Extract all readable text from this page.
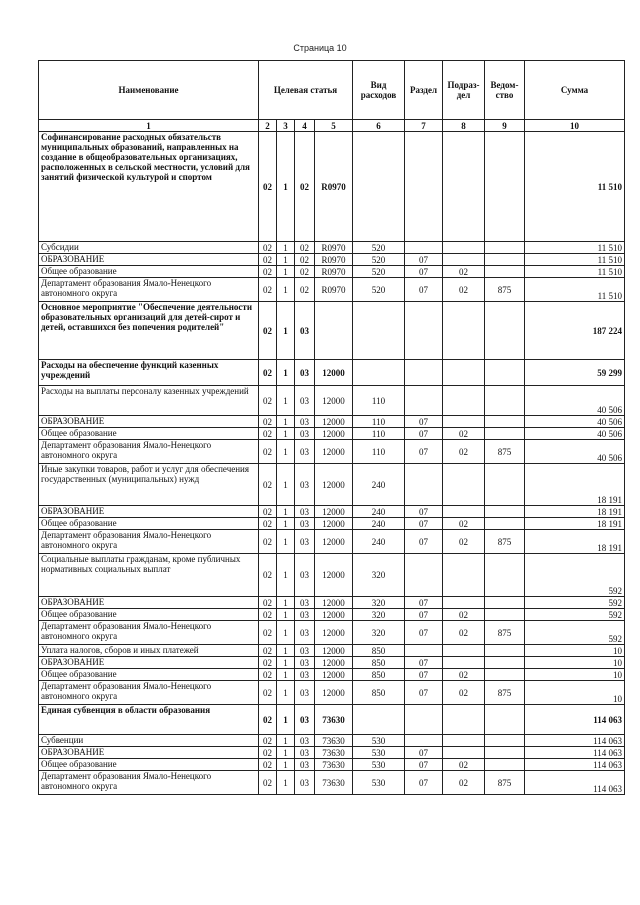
Страница 10
Наименование	Целевая статья				Вид расходов	Раздел	Подраз-дел	Ведом-ство	Сумма
1	2	3	4	5	6	7	8	9	10
Софинансирование расходных обязательств муниципальных образований, направленных на создание в общеобразовательных организациях, расположенных в сельской местности, условий для занятий физической культурой и спортом	02	1	02	R0970					11 510
Субсидии	02	1	02	R0970	520				11 510
ОБРАЗОВАНИЕ	02	1	02	R0970	520	07			11 510
Общее образование	02	1	02	R0970	520	07	02		11 510
Департамент образования Ямало-Ненецкого автономного округа	02	1	02	R0970	520	07	02	875	11 510
Основное мероприятие "Обеспечение деятельности образовательных организаций для детей-сирот и детей, оставшихся без попечения родителей"	02	1	03						187 224
Расходы на обеспечение функций казенных учреждений	02	1	03	12000					59 299
Расходы на выплаты персоналу казенных учреждений	02	1	03	12000	110				40 506
ОБРАЗОВАНИЕ	02	1	03	12000	110	07			40 506
Общее образование	02	1	03	12000	110	07	02		40 506
Департамент образования Ямало-Ненецкого автономного округа	02	1	03	12000	110	07	02	875	40 506
Иные закупки товаров, работ и услуг для обеспечения государственных (муниципальных) нужд	02	1	03	12000	240				18 191
ОБРАЗОВАНИЕ	02	1	03	12000	240	07			18 191
Общее образование	02	1	03	12000	240	07	02		18 191
Департамент образования Ямало-Ненецкого автономного округа	02	1	03	12000	240	07	02	875	18 191
Социальные выплаты гражданам, кроме публичных нормативных социальных выплат	02	1	03	12000	320				592
ОБРАЗОВАНИЕ	02	1	03	12000	320	07			592
Общее образование	02	1	03	12000	320	07	02		592
Департамент образования Ямало-Ненецкого автономного округа	02	1	03	12000	320	07	02	875	592
Уплата налогов, сборов и иных платежей	02	1	03	12000	850				10
ОБРАЗОВАНИЕ	02	1	03	12000	850	07			10
Общее образование	02	1	03	12000	850	07	02		10
Департамент образования Ямало-Ненецкого автономного округа	02	1	03	12000	850	07	02	875	10
Единая субвенция в области образования	02	1	03	73630					114 063
Субвенции	02	1	03	73630	530				114 063
ОБРАЗОВАНИЕ	02	1	03	73630	530	07			114 063
Общее образование	02	1	03	73630	530	07	02		114 063
Департамент образования Ямало-Ненецкого автономного округа	02	1	03	73630	530	07	02	875	114 063
